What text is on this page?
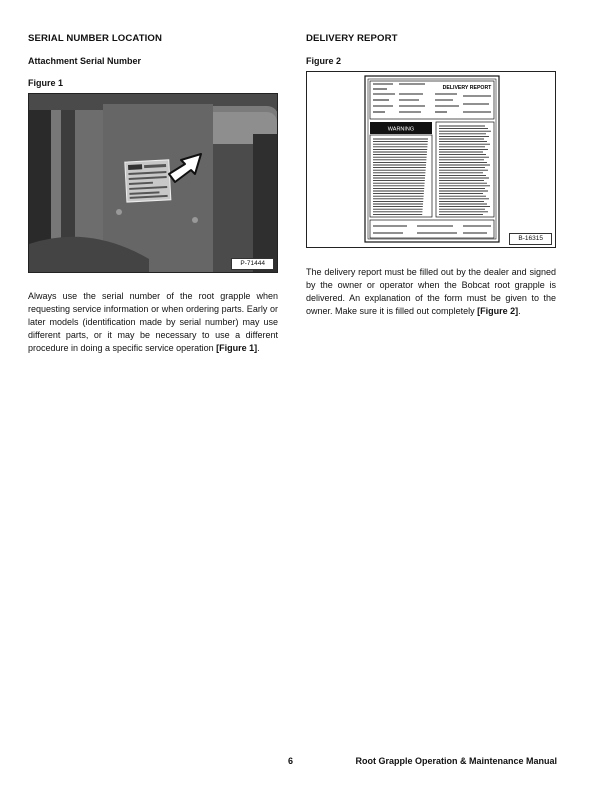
SERIAL NUMBER LOCATION
Attachment Serial Number
Figure 1
P-71444

Always use the serial number of the root grapple when requesting service information or when ordering parts. Early or later models (identification made by serial number) may use different parts, or it may be necessary to use a different procedure in doing a specific service operation [Figure 1].

DELIVERY REPORT
Figure 2
DELIVERY REPORT
WARNING
B-16315

The delivery report must be filled out by the dealer and signed by the owner or operator when the Bobcat root grapple is delivered. An explanation of the form must be given to the owner. Make sure it is filled out completely [Figure 2].

6	Root Grapple Operation & Maintenance Manual
